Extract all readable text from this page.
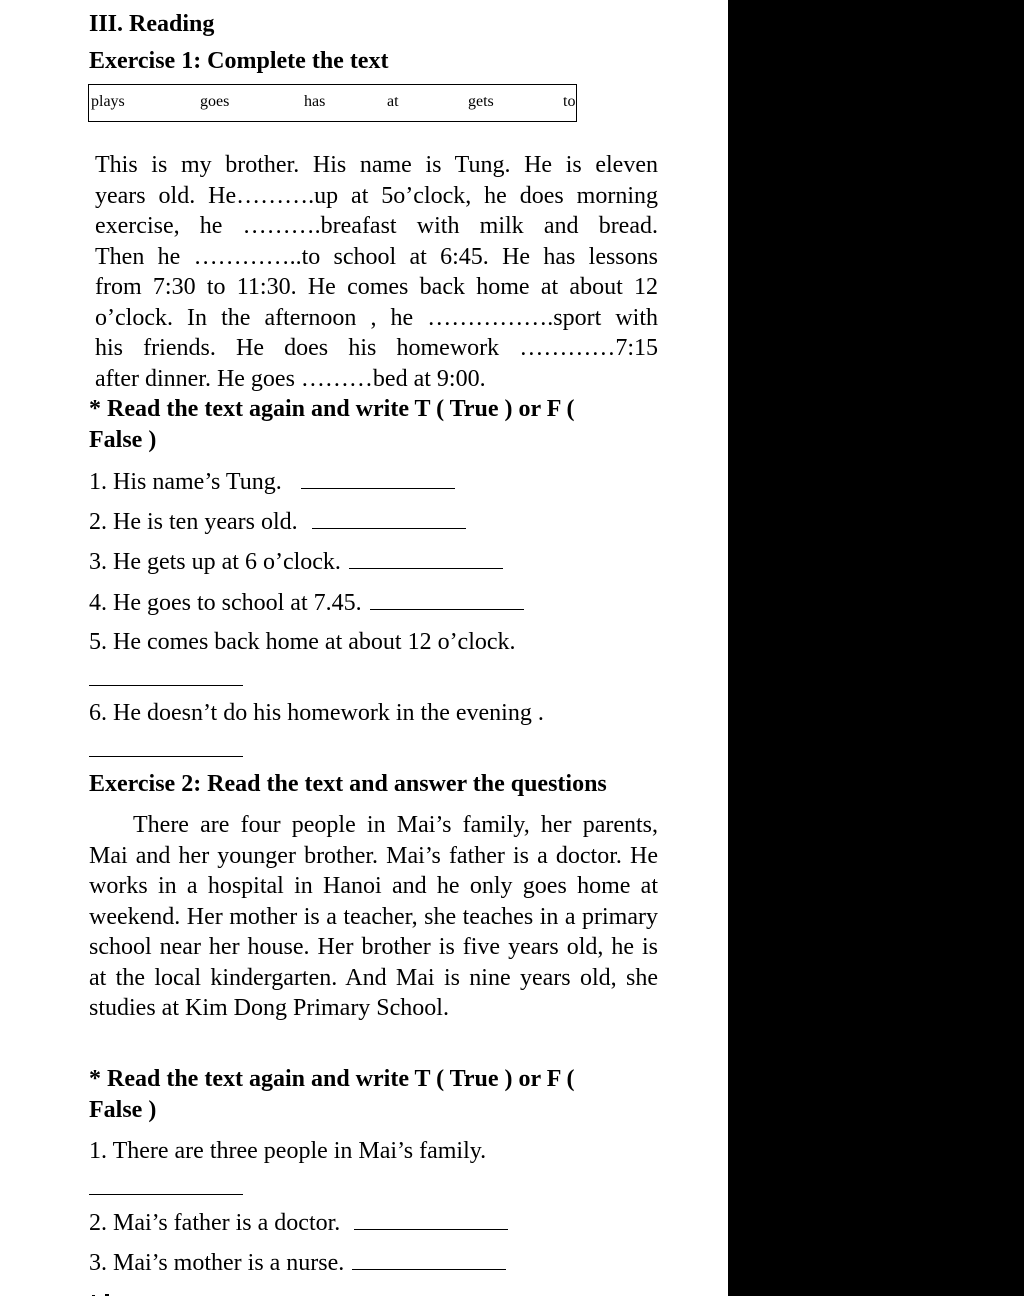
III. Reading
Exercise 1: Complete the text
plays	goes	has	at	gets	to
This is my brother. His name is Tung. He is eleven
years old. He……….up at 5o’clock, he does morning
exercise, he ……….breafast with milk and bread.
Then he …………..to school at 6:45. He has lessons
from 7:30 to 11:30. He comes back home at about 12
o’clock. In the afternoon , he …………….sport with
his friends. He does his homework …………7:15
after dinner. He goes ………bed at 9:00.
* Read the text again and write T ( True ) or F ( False )
1. His name’s Tung.
2. He is ten years old.
3. He gets up at 6 o’clock.
4. He goes to school at 7.45.
5. He comes back home at about 12 o’clock.
6. He doesn’t do his homework in the evening .
Exercise 2: Read the text and answer the questions
There are four people in Mai’s family, her parents, Mai and her younger brother. Mai’s father is a doctor. He works in a hospital in Hanoi and he only goes home at weekend. Her mother is a teacher, she teaches in a primary school near her house. Her brother is five years old, he is at the local kindergarten. And Mai is nine years old, she studies at Kim Dong Primary School.
* Read the text again and write T ( True ) or F ( False )
1. There are three people in Mai’s family.
2. Mai’s father is a doctor.
3. Mai’s mother is a nurse.
